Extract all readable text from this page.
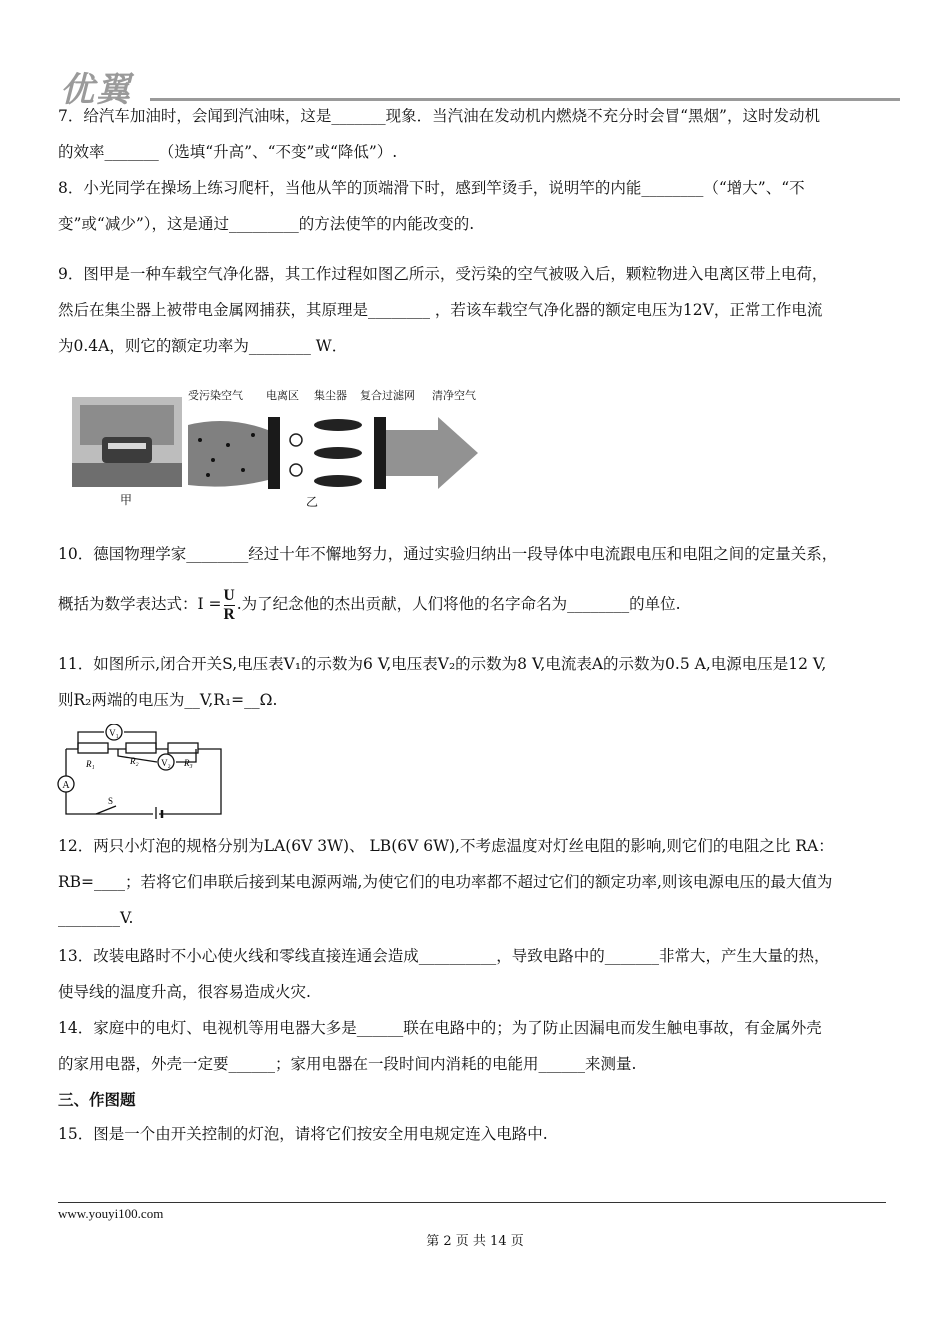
优翼

7．给汽车加油时，会闻到汽油味，这是_______现象．当汽油在发动机内燃烧不充分时会冒“黑烟”，这时发动机

的效率_______（选填“升高”、“不变”或“降低”）.

8．小光同学在操场上练习爬杆，当他从竿的顶端滑下时，感到竿烫手，说明竿的内能________（“增大”、“不

变”或“减少”），这是通过_________的方法使竿的内能改变的.

9．图甲是一种车载空气净化器，其工作过程如图乙所示，受污染的空气被吸入后，颗粒物进入电离区带上电荷，

然后在集尘器上被带电金属网捕获，其原理是________ ，若该车载空气净化器的额定电压为12V，正常工作电流

为0.4A，则它的额定功率为________ W．

甲
受污染空气 电离区 集尘器 复合过滤网 清净空气
乙

10．德国物理学家________经过十年不懈地努力，通过实验归纳出一段导体中电流跟电压和电阻之间的定量关系，

概括为数学表达式：$I = \frac{U}{R}$ .为了纪念他的杰出贡献，人们将他的名字命名为________的单位.

11．如图所示,闭合开关S,电压表V₁的示数为6 V,电压表V₂的示数为8 V,电流表A的示数为0.5 A,电源电压是12 V,

则R₂两端的电压为__V,R₁=__Ω.

V₁
V₂
A
R₁	R₂	R₃
S

12．两只小灯泡的规格分别为LA(6V 3W)、 LB(6V 6W),不考虑温度对灯丝电阻的影响,则它们的电阻之比 RA：

RB=____；若将它们串联后接到某电源两端,为使它们的电功率都不超过它们的额定功率,则该电源电压的最大值为

________V.

13．改装电路时不小心使火线和零线直接连通会造成__________，导致电路中的_______非常大，产生大量的热，

使导线的温度升高，很容易造成火灾.

14．家庭中的电灯、电视机等用电器大多是______联在电路中的；为了防止因漏电而发生触电事故，有金属外壳

的家用电器，外壳一定要______；家用电器在一段时间内消耗的电能用______来测量.

三、作图题

15．图是一个由开关控制的灯泡，请将它们按安全用电规定连入电路中.

www.youyi100.com
第 2 页 共 14 页
